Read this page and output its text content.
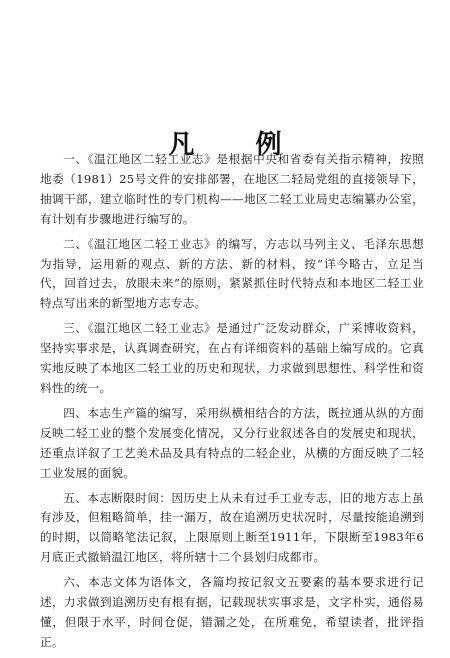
凡 例

一、《温江地区二轻工业志》是根据中央和省委有关指示精神，按照地委（1981）25号文件的安排部署，在地区二轻局党组的直接领导下，抽调干部，建立临时性的专门机构——地区二轻工业局史志编纂办公室，有计划有步骤地进行编写的。

二、《温江地区二轻工业志》的编写，方志以马列主义、毛泽东思想为指导，运用新的观点、新的方法、新的材料，按“详今略古，立足当代，回首过去，放眼未来”的原则，紧紧抓住时代特点和本地区二轻工业特点写出来的新型地方志专志。

三、《温江地区二轻工业志》是通过广泛发动群众，广采博收资料，坚持实事求是，认真调查研究，在占有详细资料的基础上编写成的。它真实地反映了本地区二轻工业的历史和现状，力求做到思想性、科学性和资料性的统一。

四、本志生产篇的编写，采用纵横相结合的方法，既拉通从纵的方面反映二轻工业的整个发展变化情况，又分行业叙述各自的发展史和现状，还重点详叙了工艺美术品及具有特点的二轻企业，从横的方面反映了二轻工业发展的面貌。

五、本志断限时间：因历史上从未有过手工业专志，旧的地方志上虽有涉及，但粗略简单，挂一漏万，故在追溯历史状况时，尽量按能追溯到的时期，以简略笔法记叙，上限原则上断至1911年，下限断至1983年6月底正式撤销温江地区，将所辖十二个县划归成都市。

六、本志文体为语体文，各篇均按记叙文五要素的基本要求进行记述，力求做到追溯历史有根有据，记载现状实事求是，文字朴实，通俗易懂，但限于水平，时间仓促，错漏之处，在所难免，希望读者，批评指正。
